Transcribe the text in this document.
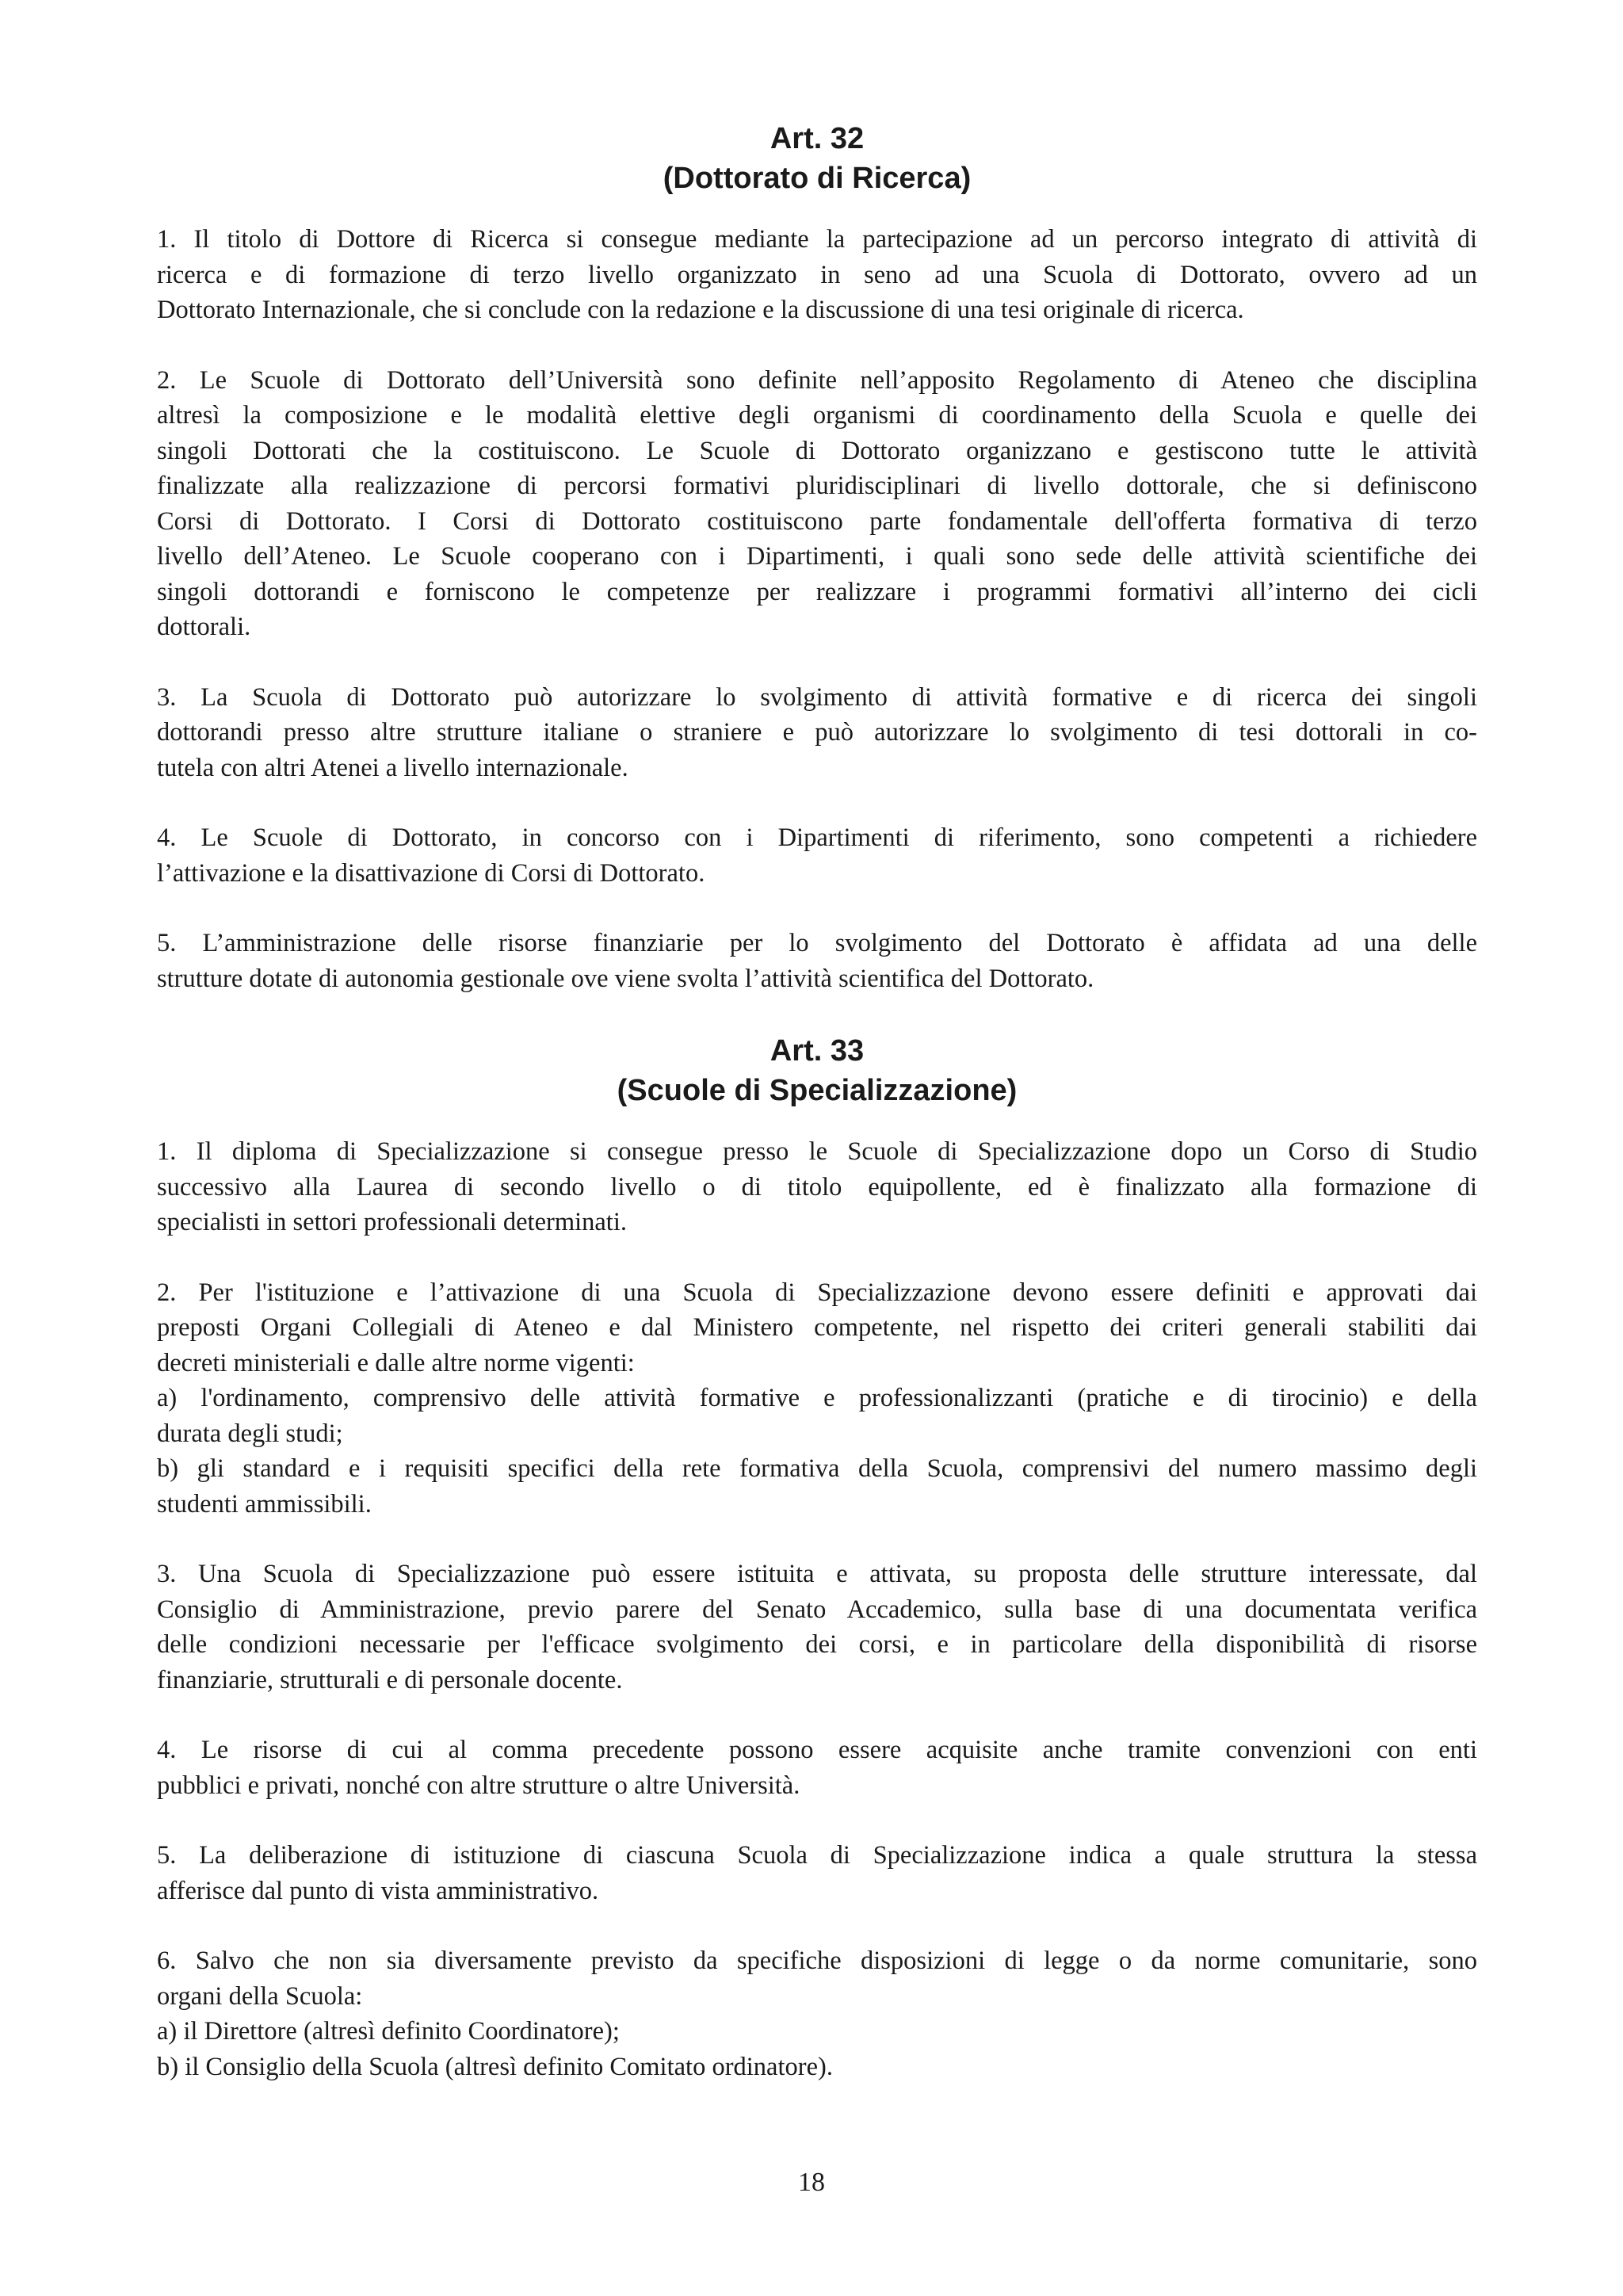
Art. 32
(Dottorato di Ricerca)

1. Il titolo di Dottore di Ricerca si consegue mediante la partecipazione ad un percorso integrato di attività di
ricerca e di formazione di terzo livello organizzato in seno ad una Scuola di Dottorato, ovvero ad un
Dottorato Internazionale, che si conclude con la redazione e la discussione di una tesi originale di ricerca.

2. Le Scuole di Dottorato dell’Università sono definite nell’apposito Regolamento di Ateneo che disciplina
altresì la composizione e le modalità elettive degli organismi di coordinamento della Scuola e quelle dei
singoli Dottorati che la costituiscono. Le Scuole di Dottorato organizzano e gestiscono tutte le attività
finalizzate alla realizzazione di percorsi formativi pluridisciplinari di livello dottorale, che si definiscono
Corsi di Dottorato. I Corsi di Dottorato costituiscono parte fondamentale dell'offerta formativa di terzo
livello dell’Ateneo. Le Scuole cooperano con i Dipartimenti, i quali sono sede delle attività scientifiche dei
singoli dottorandi e forniscono le competenze per realizzare i programmi formativi all’interno dei cicli
dottorali.

3. La Scuola di Dottorato può autorizzare lo svolgimento di attività formative e di ricerca dei singoli
dottorandi presso altre strutture italiane o straniere e può autorizzare lo svolgimento di tesi dottorali in co-
tutela con altri Atenei a livello internazionale.

4. Le Scuole di Dottorato, in concorso con i Dipartimenti di riferimento, sono competenti a richiedere
l’attivazione e la disattivazione di Corsi di Dottorato.

5. L’amministrazione delle risorse finanziarie per lo svolgimento del Dottorato è affidata ad una delle
strutture dotate di autonomia gestionale ove viene svolta l’attività scientifica del Dottorato.

Art. 33
(Scuole di Specializzazione)

1. Il diploma di Specializzazione si consegue presso le Scuole di Specializzazione dopo un Corso di Studio
successivo alla Laurea di secondo livello o di titolo equipollente, ed è finalizzato alla formazione di
specialisti in settori professionali determinati.

2. Per l'istituzione e l’attivazione di una Scuola di Specializzazione devono essere definiti e approvati dai
preposti Organi Collegiali di Ateneo e dal Ministero competente, nel rispetto dei criteri generali stabiliti dai
decreti ministeriali e dalle altre norme vigenti:
a) l'ordinamento, comprensivo delle attività formative e professionalizzanti (pratiche e di tirocinio) e della
durata degli studi;
b) gli standard e i requisiti specifici della rete formativa della Scuola, comprensivi del numero massimo degli
studenti ammissibili.

3. Una Scuola di Specializzazione può essere istituita e attivata, su proposta delle strutture interessate, dal
Consiglio di Amministrazione, previo parere del Senato Accademico, sulla base di una documentata verifica
delle condizioni necessarie per l'efficace svolgimento dei corsi, e in particolare della disponibilità di risorse
finanziarie, strutturali e di personale docente.

4. Le risorse di cui al comma precedente possono essere acquisite anche tramite convenzioni con enti
pubblici e privati, nonché con altre strutture o altre Università.

5. La deliberazione di istituzione di ciascuna Scuola di Specializzazione indica a quale struttura la stessa
afferisce dal punto di vista amministrativo.

6. Salvo che non sia diversamente previsto da specifiche disposizioni di legge o da norme comunitarie, sono
organi della Scuola:
a) il Direttore (altresì definito Coordinatore);
b) il Consiglio della Scuola (altresì definito Comitato ordinatore).

18
